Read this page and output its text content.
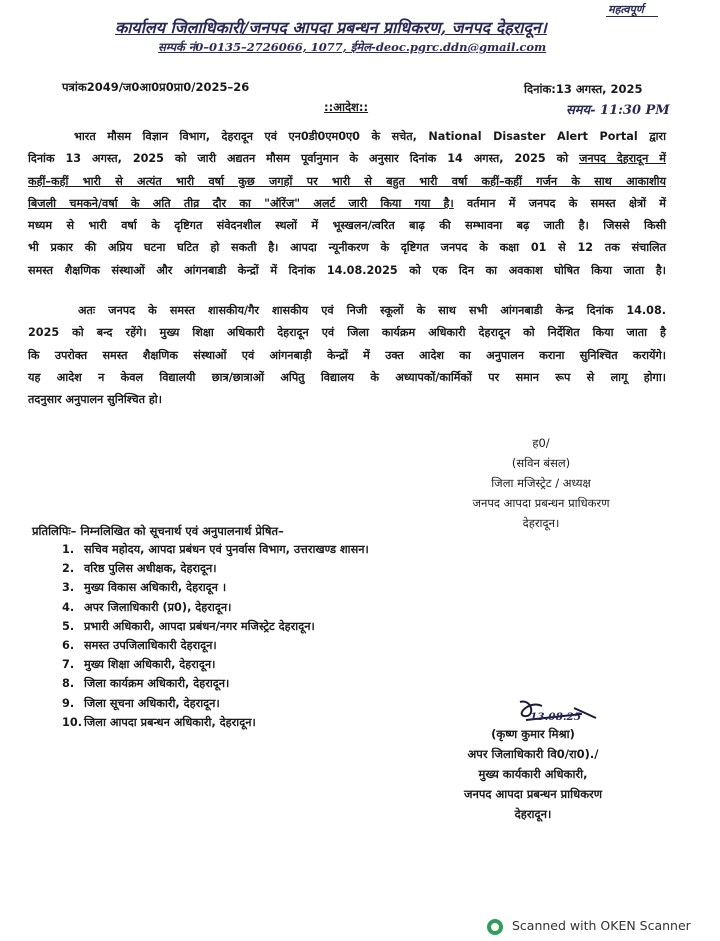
महत्वपूर्ण
कार्यालय जिलाधिकारी/जनपद आपदा प्रबन्धन प्राधिकरण, जनपद देहरादून।
सम्पर्क नं0–0135–2726066, 1077, ईमेल-deoc.pgrc.ddn@gmail.com
पत्रांक2049/ज0आ0प्र0प्रा0/2025–26	दिनांक:13 अगस्त, 2025
समय- 11:30 PM
::आदेश::
भारत मौसम विज्ञान विभाग, देहरादून एवं एन0डी0एम0ए0 के सचेत, National Disaster Alert Portal द्वारा
दिनांक 13 अगस्त, 2025 को जारी अद्यतन मौसम पूर्वानुमान के अनुसार दिनांक 14 अगस्त, 2025 को जनपद देहरादून में
कहीं–कहीं भारी से अत्यंत भारी वर्षा कुछ जगहों पर भारी से बहुत भारी वर्षा कहीं–कहीं गर्जन के साथ आकाशीय
बिजली चमकने/वर्षा के अति तीव्र दौर का "ऑरेंज" अलर्ट जारी किया गया है। वर्तमान में जनपद के समस्त क्षेत्रों में
मध्यम से भारी वर्षा के दृष्टिगत संवेदनशील स्थलों में भूस्खलन/त्वरित बाढ़ की सम्भावना बढ़ जाती है। जिससे किसी
भी प्रकार की अप्रिय घटना घटित हो सकती है। आपदा न्यूनीकरण के दृष्टिगत जनपद के कक्षा 01 से 12 तक संचालित
समस्त शैक्षणिक संस्थाओं और आंगनबाडी केन्द्रों में दिनांक 14.08.2025 को एक दिन का अवकाश घोषित किया जाता है।
अतः जनपद के समस्त शासकीय/गैर शासकीय एवं निजी स्कूलों के साथ सभी आंगनबाडी केन्द्र दिनांक 14.08.
2025 को बन्द रहेंगे। मुख्य शिक्षा अधिकारी देहरादून एवं जिला कार्यक्रम अधिकारी देहरादून को निर्देशित किया जाता है
कि उपरोक्त समस्त शैक्षणिक संस्थाओं एवं आंगनबाड़ी केन्द्रों में उक्त आदेश का अनुपालन कराना सुनिश्चित करायेंगे।
यह आदेश न केवल विद्यालयी छात्र/छात्राओं अपितु विद्यालय के अध्यापकों/कार्मिकों पर समान रूप से लागू होगा।
तदनुसार अनुपालन सुनिश्चित हो।
ह0/
(सविन बंसल)
जिला मजिस्ट्रेट / अध्यक्ष
जनपद आपदा प्रबन्धन प्राधिकरण
देहरादून।
प्रतिलिपिः– निम्नलिखित को सूचनार्थ एवं अनुपालनार्थ प्रेषित–
1. सचिव महोदय, आपदा प्रबंधन एवं पुनर्वास विभाग, उत्तराखण्ड शासन।
2. वरिष्ठ पुलिस अधीक्षक, देहरादून।
3. मुख्य विकास अधिकारी, देहरादून ।
4. अपर जिलाधिकारी (प्र0), देहरादून।
5. प्रभारी अधिकारी, आपदा प्रबंधन/नगर मजिस्ट्रेट देहरादून।
6. समस्त उपजिलाधिकारी देहरादून।
7. मुख्य शिक्षा अधिकारी, देहरादून।
8. जिला कार्यक्रम अधिकारी, देहरादून।
9. जिला सूचना अधिकारी, देहरादून।
10. जिला आपदा प्रबन्धन अधिकारी, देहरादून।	13.08.25
(कृष्ण कुमार मिश्रा)
अपर जिलाधिकारी वि0/रा0)./
मुख्य कार्यकारी अधिकारी,
जनपद आपदा प्रबन्धन प्राधिकरण
देहरादून।
Scanned with OKEN Scanner
